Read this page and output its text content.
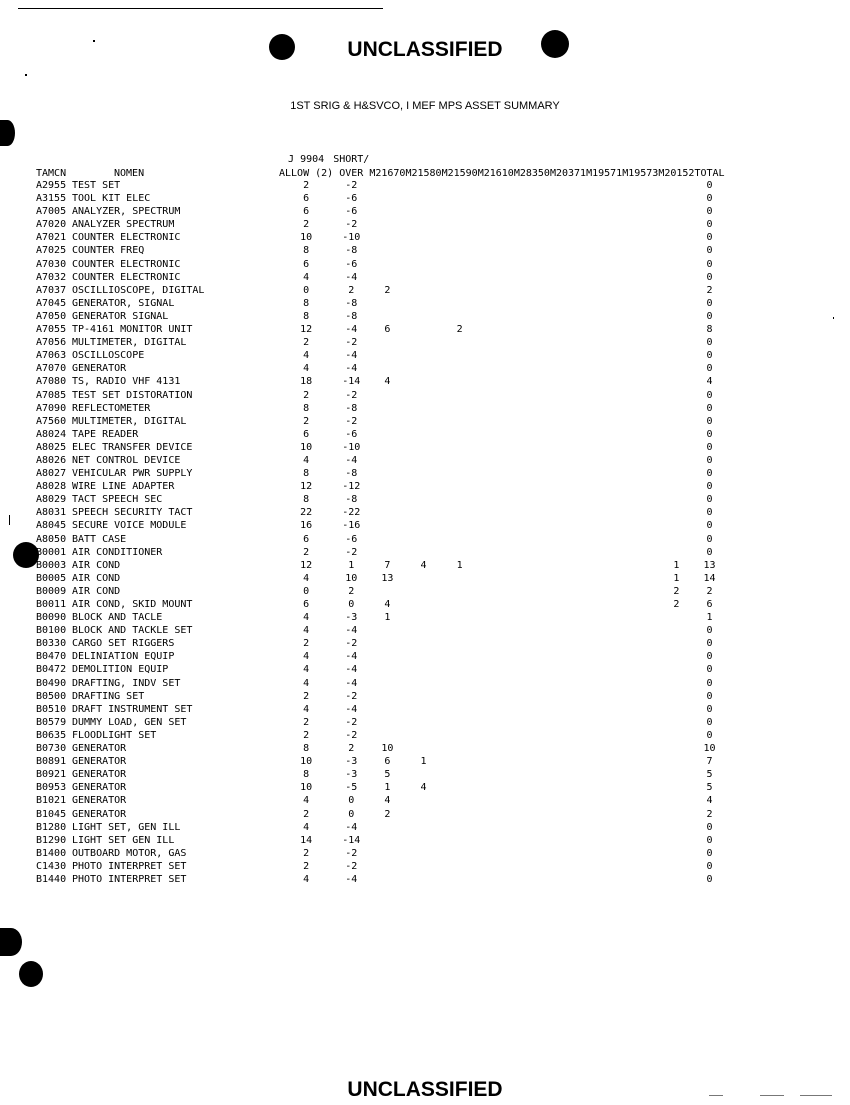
UNCLASSIFIED
1ST SRIG & H&SVCO, I MEF MPS ASSET SUMMARY
		J 9904	SHORT/										
TAMCN	NOMEN	ALLOW (2)	OVER	M21670	M21580	M21590	M21610	M28350	M20371	M19571	M19573	M20152	TOTAL
A2955	TEST SET	2	-2										0
A3155	TOOL KIT ELEC	6	-6										0
A7005	ANALYZER, SPECTRUM	6	-6										0
A7020	ANALYZER SPECTRUM	2	-2										0
A7021	COUNTER ELECTRONIC	10	-10										0
A7025	COUNTER FREQ	8	-8										0
A7030	COUNTER ELECTRONIC	6	-6										0
A7032	COUNTER ELECTRONIC	4	-4										0
A7037	OSCILLIOSCOPE, DIGITAL	0	2	2									2
A7045	GENERATOR, SIGNAL	8	-8										0
A7050	GENERATOR SIGNAL	8	-8										0
A7055	TP-4161 MONITOR UNIT	12	-4	6		2							8
A7056	MULTIMETER, DIGITAL	2	-2										0
A7063	OSCILLOSCOPE	4	-4										0
A7070	GENERATOR	4	-4										0
A7080	TS, RADIO VHF 4131	18	-14	4									4
A7085	TEST SET DISTORATION	2	-2										0
A7090	REFLECTOMETER	8	-8										0
A7560	MULTIMETER, DIGITAL	2	-2										0
A8024	TAPE READER	6	-6										0
A8025	ELEC TRANSFER DEVICE	10	-10										0
A8026	NET CONTROL DEVICE	4	-4										0
A8027	VEHICULAR PWR SUPPLY	8	-8										0
A8028	WIRE LINE ADAPTER	12	-12										0
A8029	TACT SPEECH SEC	8	-8										0
A8031	SPEECH SECURITY TACT	22	-22										0
A8045	SECURE VOICE MODULE	16	-16										0
A8050	BATT CASE	6	-6										0
B0001	AIR CONDITIONER	2	-2										0
B0003	AIR COND	12	1	7	4	1						1	13
B0005	AIR COND	4	10	13								1	14
B0009	AIR COND	0	2									2	2
B0011	AIR COND, SKID MOUNT	6	0	4								2	6
B0090	BLOCK AND TACLE	4	-3	1									1
B0100	BLOCK AND TACKLE SET	4	-4										0
B0330	CARGO SET RIGGERS	2	-2										0
B0470	DELINIATION EQUIP	4	-4										0
B0472	DEMOLITION EQUIP	4	-4										0
B0490	DRAFTING, INDV SET	4	-4										0
B0500	DRAFTING SET	2	-2										0
B0510	DRAFT INSTRUMENT SET	4	-4										0
B0579	DUMMY LOAD, GEN SET	2	-2										0
B0635	FLOODLIGHT SET	2	-2										0
B0730	GENERATOR	8	2	10									10
B0891	GENERATOR	10	-3	6	1								7
B0921	GENERATOR	8	-3	5									5
B0953	GENERATOR	10	-5	1	4								5
B1021	GENERATOR	4	0	4									4
B1045	GENERATOR	2	0	2									2
B1280	LIGHT SET, GEN ILL	4	-4										0
B1290	LIGHT SET GEN ILL	14	-14										0
B1400	OUTBOARD MOTOR, GAS	2	-2										0
C1430	PHOTO INTERPRET SET	2	-2										0
B1440	PHOTO INTERPRET SET	4	-4										0
UNCLASSIFIED
